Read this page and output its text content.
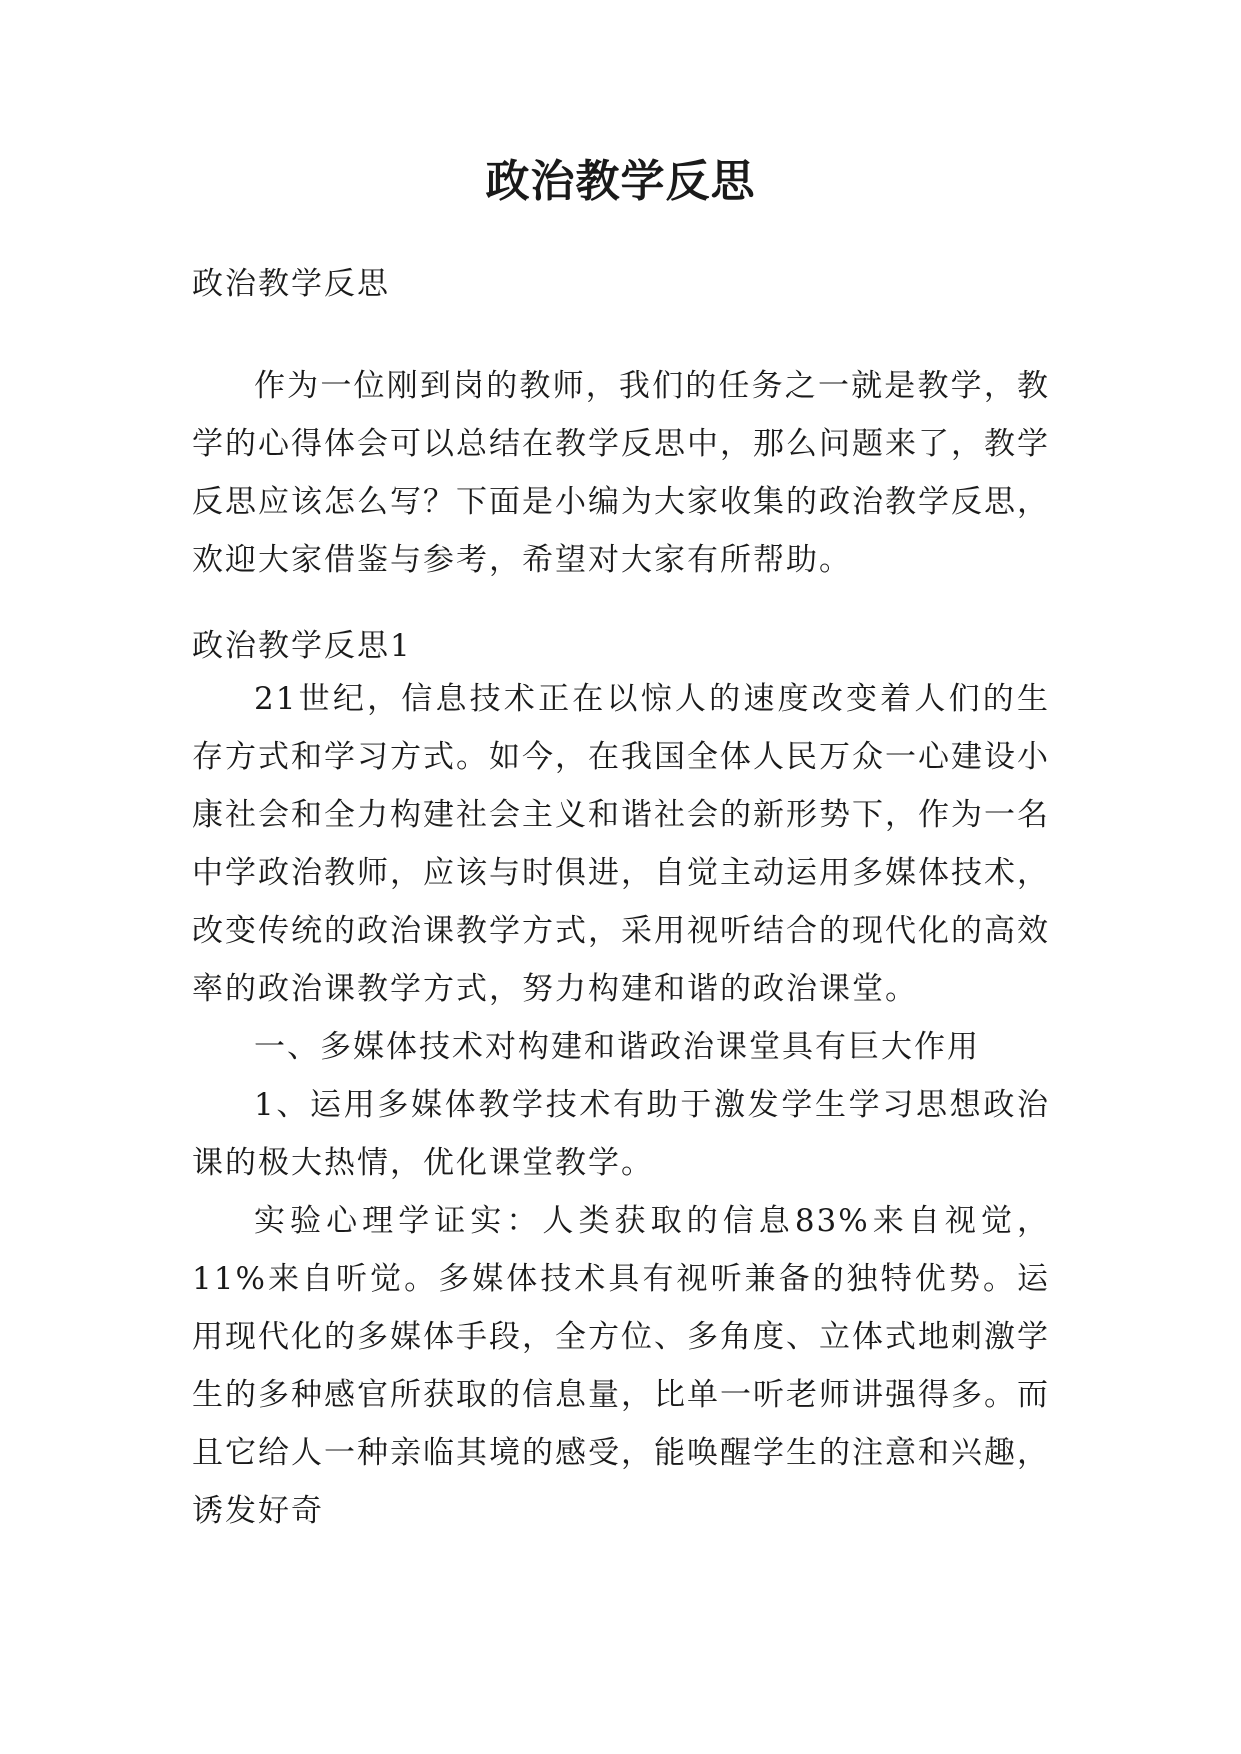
政治教学反思

政治教学反思

作为一位刚到岗的教师，我们的任务之一就是教学，教学的心得体会可以总结在教学反思中，那么问题来了，教学反思应该怎么写？下面是小编为大家收集的政治教学反思，欢迎大家借鉴与参考，希望对大家有所帮助。

政治教学反思1

21世纪，信息技术正在以惊人的速度改变着人们的生存方式和学习方式。如今，在我国全体人民万众一心建设小康社会和全力构建社会主义和谐社会的新形势下，作为一名中学政治教师，应该与时俱进，自觉主动运用多媒体技术，改变传统的政治课教学方式，采用视听结合的现代化的高效率的政治课教学方式，努力构建和谐的政治课堂。

一、多媒体技术对构建和谐政治课堂具有巨大作用

1、运用多媒体教学技术有助于激发学生学习思想政治课的极大热情，优化课堂教学。

实验心理学证实：人类获取的信息83%来自视觉，11%来自听觉。多媒体技术具有视听兼备的独特优势。运用现代化的多媒体手段，全方位、多角度、立体式地刺激学生的多种感官所获取的信息量，比单一听老师讲强得多。而且它给人一种亲临其境的感受，能唤醒学生的注意和兴趣，诱发好奇
